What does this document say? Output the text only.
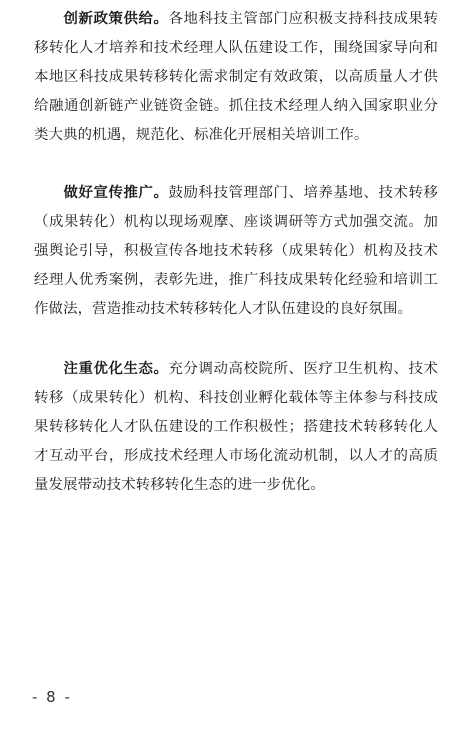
创新政策供给。各地科技主管部门应积极支持科技成果转移转化人才培养和技术经理人队伍建设工作，围绕国家导向和本地区科技成果转移转化需求制定有效政策，以高质量人才供给融通创新链产业链资金链。抓住技术经理人纳入国家职业分类大典的机遇，规范化、标准化开展相关培训工作。

做好宣传推广。鼓励科技管理部门、培养基地、技术转移（成果转化）机构以现场观摩、座谈调研等方式加强交流。加强舆论引导，积极宣传各地技术转移（成果转化）机构及技术经理人优秀案例，表彰先进，推广科技成果转化经验和培训工作做法，营造推动技术转移转化人才队伍建设的良好氛围。

注重优化生态。充分调动高校院所、医疗卫生机构、技术转移（成果转化）机构、科技创业孵化载体等主体参与科技成果转移转化人才队伍建设的工作积极性；搭建技术转移转化人才互动平台，形成技术经理人市场化流动机制，以人才的高质量发展带动技术转移转化生态的进一步优化。

- 8 -
